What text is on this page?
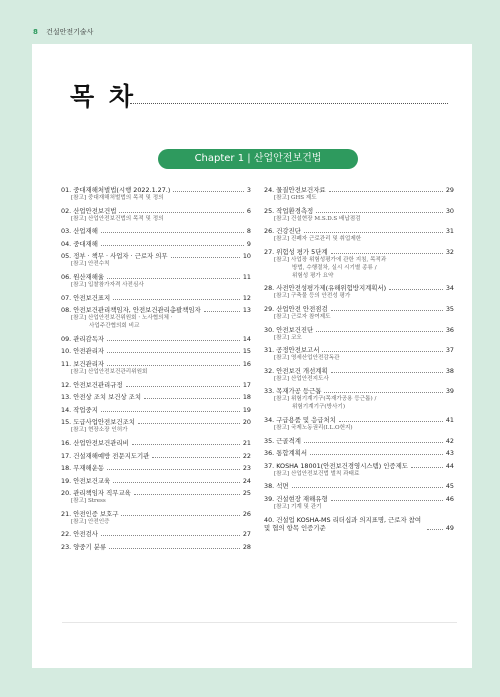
8 건설안전기술사
목 차
Chapter 1 | 산업안전보건법
01. 중대재해처벌법(시행 2022.1.27.)	3
[참고] 중대재해처벌법의 목적 및 정의
02. 산업안전보건법	6
[참고] 산업안전보건법의 목적 및 정의
03. 산업재해	8
04. 중대재해	9
05. 정부 · 책무 · 사업자 · 근로자 의무	10
[참고] 안전수칙
06. 원산재해율	11
[참고] 입찰참가자격 사전심사
07. 안전보건표지	12
08. 안전보건관리책임자, 안전보건관리총괄책임자	13
[참고] 산업안전보건위원회 · 노사협의체 ·
사업주간협의회 비교
09. 관리감독자	14
10. 안전관리자	15
11. 보건관리자	16
[참고] 산업안전보건관리위원회
12. 안전보건관리규정	17
13. 안전상 조치 보건상 조치	18
14. 작업중지	19
15. 도급사업안전보건조치	20
[참고] 현장소장 인허가
16. 산업안전보건관리비	21
17. 건설재해예방 전문지도기관	22
18. 무재해운동	23
19. 안전보건교육	24
20. 관리책임자 직무교육	25
[참고] Stress
21. 안전인증 보호구	26
[참고] 안전인증
22. 안전검사	27
23. 양중기 분류	28
24. 물질안전보건자료	29
[참고] GHS 제도
25. 작업환경측정	30
[참고] 건설현장 M.S.D.S 배납점검
26. 건강진단	31
[참고] 진폐자 근로관리 및 취업제한
27. 위험성 평가 5단계	32
[참고] 사업장 위험성평가에 관한 지침, 목적과
방법, 수행절차, 실시 시기별 종류 /
위험성 평가 요약
28. 사전안전성평가제(유해위험방지계획서)	34
[참고] 구축물 등의 안전성 평가
29. 산업안전 안전점검	35
[참고] 근로자 참여제도
30. 안전보건진단	36
[참고] 코오
31. 공정안전보고서	37
[참고] 영세산업안전감독관
32. 안전보건 개선계획	38
[참고] 산업안전지도사
33. 목재가공 등근톱	39
[참고] 위험기계기구(목재가공용 등근톱) /
위험기계기구(방사기)
34. 구급용품 및 응급처치	41
[참고] 국제노동권리(I.L.O헌지)
35. 근골격계	42
36. 통합계획서	43
37. KOSHA 18001(안전보건경영시스템) 인증제도	44
[참고] 산업안전보건법 벌칙 과태료
38. 석면	45
39. 건설현장 재해유형	46
[참고] 기계 및 관기
40. 건설업 KOSHA-MS 리더십과 의지표명, 근로자 참여 및 협의 항목 인증기준	49
